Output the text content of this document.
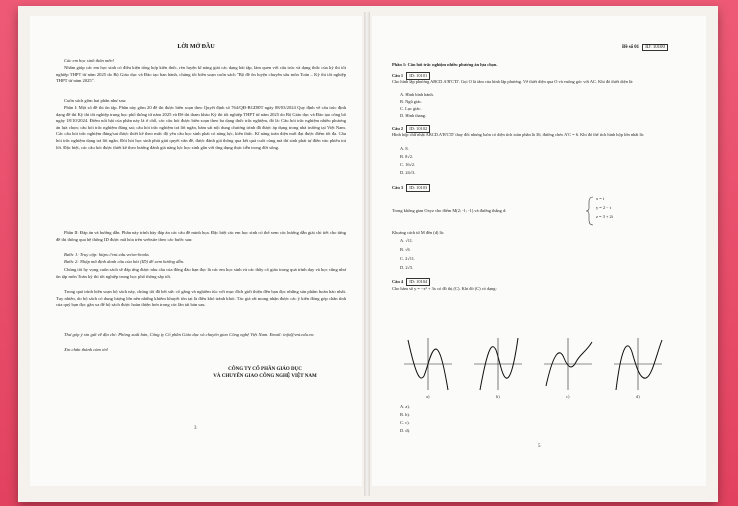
LỜI MỞ ĐẦU
Các em học sinh thân mến!
Nhằm giúp các em học sinh có điều kiện tổng hợp kiến thức, rèn luyện kĩ năng giải các dạng bài tập, làm quen với cấu trúc và dạng thức của kỳ thi tốt nghiệp THPT từ năm 2025 do Bộ Giáo dục và Đào tạo ban hành, chúng tôi biên soạn cuốn sách "Bộ đề ôn luyện chuyên sâu môn Toán – Kỳ thi tốt nghiệp THPT từ năm 2025".
Cuốn sách gồm hai phần như sau:
Phần I: Một số đề thi ôn tập. Phần này gồm 20 đề thi được biên soạn theo Quyết định số 764/QĐ-BGDĐT ngày 08/03/2024 Quy định về cấu trúc định dạng đề thi Kỳ thi tốt nghiệp trung học phổ thông từ năm 2025 và Đề thi tham khảo Kỳ thi tốt nghiệp THPT từ năm 2025 do Bộ Giáo dục và Đào tạo công bố ngày 18/10/2024. Điểm nổi bật của phần này là ở chỗ, các câu hỏi được biên soạn theo ba dạng thức trắc nghiệm, đó là: Câu hỏi trắc nghiệm nhiều phương án lựa chọn; câu hỏi trắc nghiệm đúng sai; câu hỏi trắc nghiệm trả lời ngắn, bám sát nội dung chương trình đã được áp dụng trong nhà trường tại Việt Nam. Các câu hỏi trắc nghiệm đúng/sai được thiết kế theo mức độ yêu cầu học sinh phải có năng lực, kiến thức. Kĩ năng toàn diện mới đạt được điểm tối đa. Câu hỏi trắc nghiệm dạng trả lời ngắn. Đòi hỏi học sinh phải giải quyết vấn đề, được đánh giá thông qua kết quả cuối cùng mà thí sinh phải tự điền vào phiếu trả lời. Đặc biệt, các câu hỏi được thiết kế theo hướng đánh giá năng lực học sinh gắn với ứng dụng thực tiễn trong đời sống.
Phần II: Đáp án và hướng dẫn. Phần này trình bày đáp án các câu đề minh họa. Đặc biệt các em học sinh có thể xem các hướng dẫn giải chi tiết cho từng đề thi thông qua hệ thống ID được mã hóa trên website theo các bước sau:
Bước 1: Truy cập: https://vnt.edu.vn/on-books
Bước 2: Nhập mã định danh câu của bài (ID) để xem hướng dẫn.
Chúng tôi hy vọng cuốn sách sẽ đáp ứng được nhu cầu của đông đảo bạn đọc là các em học sinh và các thầy cô giáo trong quá trình dạy và học cũng như ôn tập môn Toán kỳ thi tốt nghiệp trung học phổ thông sắp tới.
Trong quá trình biên soạn bộ sách này, chúng tôi đã hết sức cố gắng và nghiêm túc với mục đích giới thiệu đến bạn đọc những sản phẩm hoàn hảo nhất. Tuy nhiên, do bộ sách có dung lượng lớn nên những khiếm khuyết tồn tại là điều khó tránh khỏi. Tác giả rất mong nhận được các ý kiến đóng góp chân tình của quý bạn đọc gần xa để bộ sách được hoàn thiện hơn trong các lần tái bản sau.
Thư góp ý xin gửi về địa chỉ: Phòng xuất bản, Công ty Cổ phần Giáo dục và chuyển giao Công nghệ Việt Nam. Email: info@vnt.edu.vn.
Xin chân thành cảm ơn!
CÔNG TY CỔ PHẦN GIÁO DỤC
VÀ CHUYỂN GIAO CÔNG NGHỆ VIỆT NAM
3
Đề số 01 ID: 10100
Phần 1: Câu hỏi trắc nghiệm nhiều phương án lựa chọn.
Câu 1 ID: 10101
Cho hình lập phương ABCD.A'B'C'D'. Gọi O là tâm của hình lập phương. Vẽ thiết diện qua O và vuông góc với AC. Khi đó thiết diện là:
A. Hình bình hành.
B. Ngũ giác.
C. Lục giác.
D. Hình thang.
Câu 2 ID: 10102
Hình hộp chữ nhật ABCD.A'B'C'D' thay đổi nhưng luôn có diện tích toàn phần là 36, đường chéo A'C = 6. Khi đó thể tích hình hộp lớn nhất là:
A. 8.
B. 8√2.
C. 16√2.
D. 24√3.
Câu 3 ID: 10103
Trong không gian Oxyz cho điểm M(2; -1; -1) và đường thẳng d:
x = t
y = 2 − t
z = 3 + 2t
Khoảng cách từ M đến (d) là:
A. √11.
B. √6
C. 2√11.
D. 2√5.
Câu 4 ID: 10104
Cho hàm số y = −x³ + 3x có đồ thị (C). Khi đó (C) có dạng:
a)	b)	c)	d)
A. a).
B. b).
C. c).
D. d).
5
